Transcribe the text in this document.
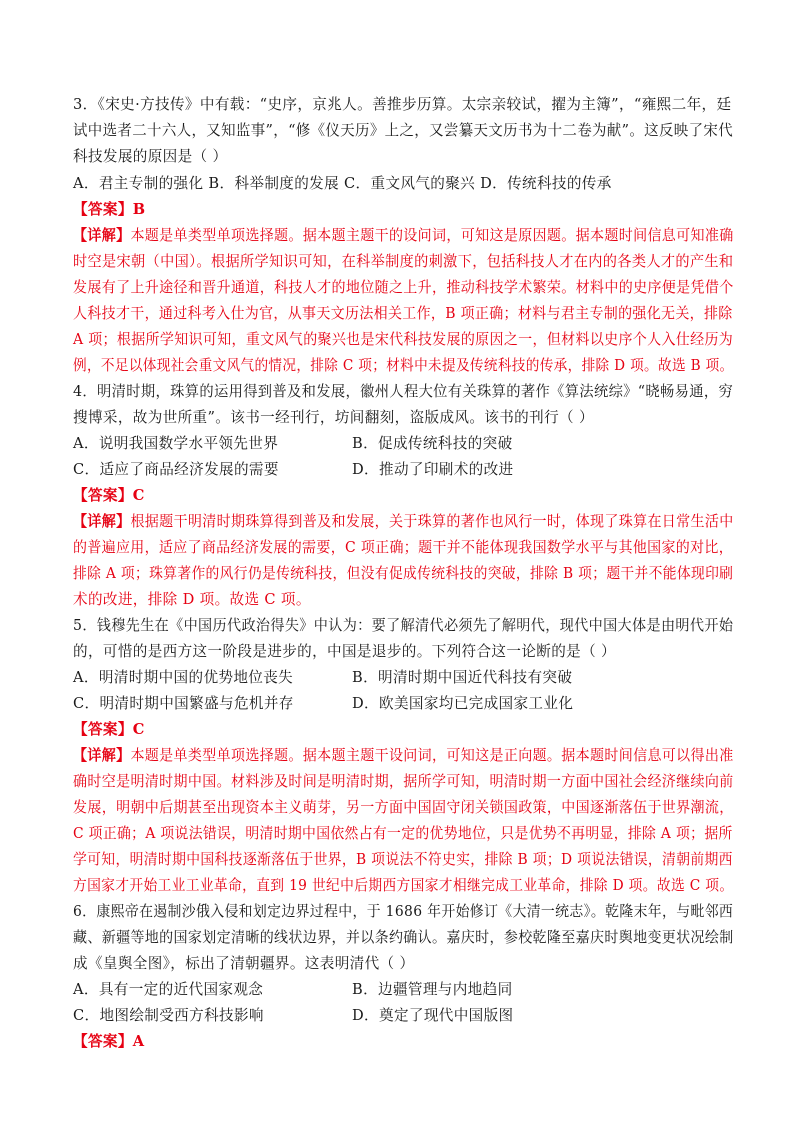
3．《宋史·方技传》中有载：“史序，京兆人。善推步历算。太宗亲较试，擢为主簿”，“雍熙二年，廷
试中选者二十六人，又知监事”，“修《仪天历》上之，又尝纂天文历书为十二卷为献”。这反映了宋代
科技发展的原因是（ ）
A．君主专制的强化 B．科举制度的发展 C．重文风气的聚兴 D．传统科技的传承
【答案】B
【详解】本题是单类型单项选择题。据本题主题干的设问词，可知这是原因题。据本题时间信息可知准确
时空是宋朝（中国）。根据所学知识可知，在科举制度的刺激下，包括科技人才在内的各类人才的产生和
发展有了上升途径和晋升通道，科技人才的地位随之上升，推动科技学术繁荣。材料中的史序便是凭借个
人科技才干，通过科考入仕为官，从事天文历法相关工作，B 项正确；材料与君主专制的强化无关，排除
A 项；根据所学知识可知，重文风气的聚兴也是宋代科技发展的原因之一，但材料以史序个人入仕经历为
例，不足以体现社会重文风气的情况，排除 C 项；材料中未提及传统科技的传承，排除 D 项。故选 B 项。
4．明清时期，珠算的运用得到普及和发展，徽州人程大位有关珠算的著作《算法统综》“晓畅易通，穷
搜博采，故为世所重”。该书一经刊行，坊间翻刻，盗版成风。该书的刊行（ ）
A．说明我国数学水平领先世界	B．促成传统科技的突破
C．适应了商品经济发展的需要	D．推动了印刷术的改进
【答案】C
【详解】根据题干明清时期珠算得到普及和发展，关于珠算的著作也风行一时，体现了珠算在日常生活中
的普遍应用，适应了商品经济发展的需要，C 项正确；题干并不能体现我国数学水平与其他国家的对比，
排除 A 项；珠算著作的风行仍是传统科技，但没有促成传统科技的突破，排除 B 项；题干并不能体现印刷
术的改进，排除 D 项。故选 C 项。
5．钱穆先生在《中国历代政治得失》中认为：要了解清代必须先了解明代，现代中国大体是由明代开始
的，可惜的是西方这一阶段是进步的，中国是退步的。下列符合这一论断的是（ ）
A．明清时期中国的优势地位丧失	B．明清时期中国近代科技有突破
C．明清时期中国繁盛与危机并存	D．欧美国家均已完成国家工业化
【答案】C
【详解】本题是单类型单项选择题。据本题主题干设问词，可知这是正向题。据本题时间信息可以得出准
确时空是明清时期中国。材料涉及时间是明清时期，据所学可知，明清时期一方面中国社会经济继续向前
发展，明朝中后期甚至出现资本主义萌芽，另一方面中国固守闭关锁国政策，中国逐渐落伍于世界潮流，
C 项正确；A 项说法错误，明清时期中国依然占有一定的优势地位，只是优势不再明显，排除 A 项；据所
学可知，明清时期中国科技逐渐落伍于世界，B 项说法不符史实，排除 B 项；D 项说法错误，清朝前期西
方国家才开始工业工业革命，直到 19 世纪中后期西方国家才相继完成工业革命，排除 D 项。故选 C 项。
6．康熙帝在遏制沙俄入侵和划定边界过程中，于 1686 年开始修订《大清一统志》。乾隆末年，与毗邻西
藏、新疆等地的国家划定清晰的线状边界，并以条约确认。嘉庆时，参校乾隆至嘉庆时舆地变更状况绘制
成《皇舆全图》，标出了清朝疆界。这表明清代（ ）
A．具有一定的近代国家观念	B．边疆管理与内地趋同
C．地图绘制受西方科技影响	D．奠定了现代中国版图
【答案】A
